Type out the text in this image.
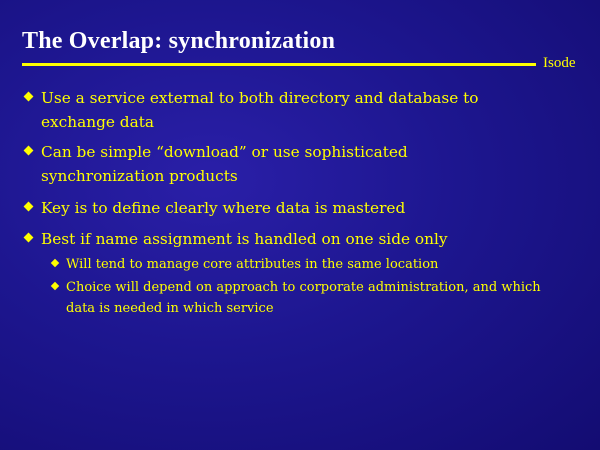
The Overlap: synchronization
Isode
Use a service external to both directory and database to exchange data
Can be simple “download” or use sophisticated synchronization products
Key is to define clearly where data is mastered
Best if name assignment is handled on one side only
Will tend to manage core attributes in the same location
Choice will depend on approach to corporate administration, and which data is needed in which service
